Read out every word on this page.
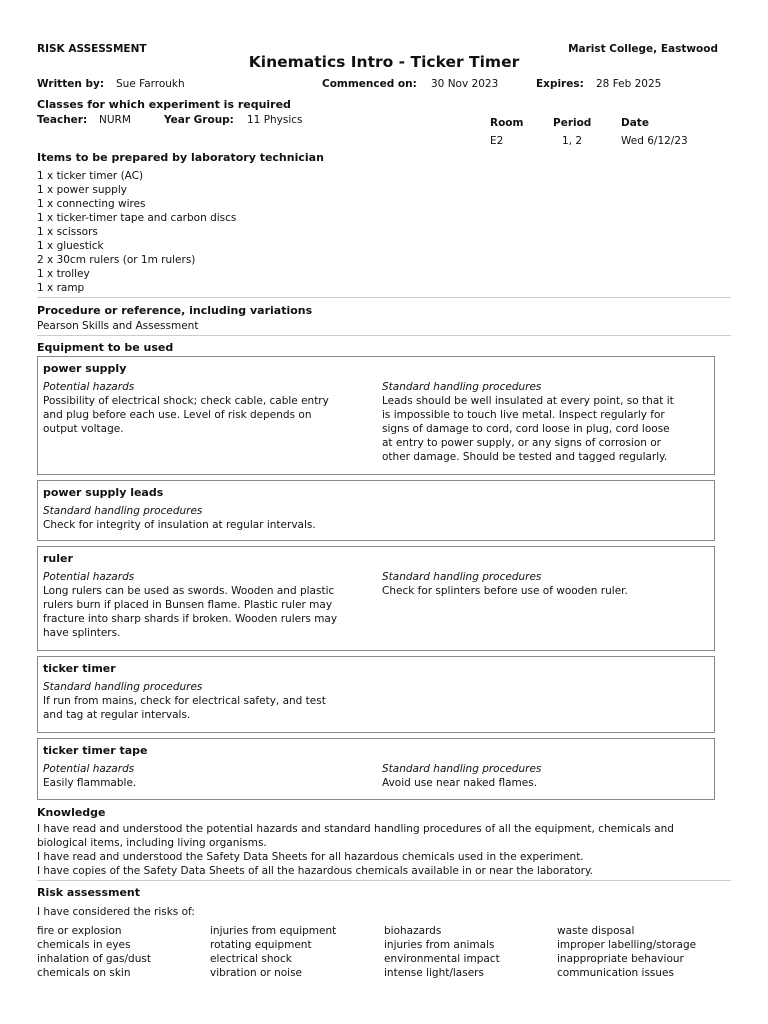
RISK ASSESSMENT	Marist College, Eastwood
Kinematics Intro - Ticker Timer
Written by: Sue Farroukh	Commenced on: 30 Nov 2023	Expires: 28 Feb 2025
Classes for which experiment is required
Teacher: NURM	Year Group: 11 Physics	Room	Period	Date
E2	1, 2	Wed 6/12/23
Items to be prepared by laboratory technician
1 x ticker timer (AC)
1 x power supply
1 x connecting wires
1 x ticker-timer tape and carbon discs
1 x scissors
1 x gluestick
2 x 30cm rulers (or 1m rulers)
1 x trolley
1 x ramp
Procedure or reference, including variations
Pearson Skills and Assessment
Equipment to be used
power supply
Potential hazards
Possibility of electrical shock; check cable, cable entry
and plug before each use. Level of risk depends on
output voltage.
Standard handling procedures
Leads should be well insulated at every point, so that it
is impossible to touch live metal. Inspect regularly for
signs of damage to cord, cord loose in plug, cord loose
at entry to power supply, or any signs of corrosion or
other damage. Should be tested and tagged regularly.
power supply leads
Standard handling procedures
Check for integrity of insulation at regular intervals.
ruler
Potential hazards
Long rulers can be used as swords. Wooden and plastic
rulers burn if placed in Bunsen flame. Plastic ruler may
fracture into sharp shards if broken. Wooden rulers may
have splinters.
Standard handling procedures
Check for splinters before use of wooden ruler.
ticker timer
Standard handling procedures
If run from mains, check for electrical safety, and test
and tag at regular intervals.
ticker timer tape
Potential hazards
Easily flammable.
Standard handling procedures
Avoid use near naked flames.
Knowledge
I have read and understood the potential hazards and standard handling procedures of all the equipment, chemicals and
biological items, including living organisms.
I have read and understood the Safety Data Sheets for all hazardous chemicals used in the experiment.
I have copies of the Safety Data Sheets of all the hazardous chemicals available in or near the laboratory.
Risk assessment
I have considered the risks of:
fire or explosion
chemicals in eyes
inhalation of gas/dust
chemicals on skin
injuries from equipment
rotating equipment
electrical shock
vibration or noise
biohazards
injuries from animals
environmental impact
intense light/lasers
waste disposal
improper labelling/storage
inappropriate behaviour
communication issues
